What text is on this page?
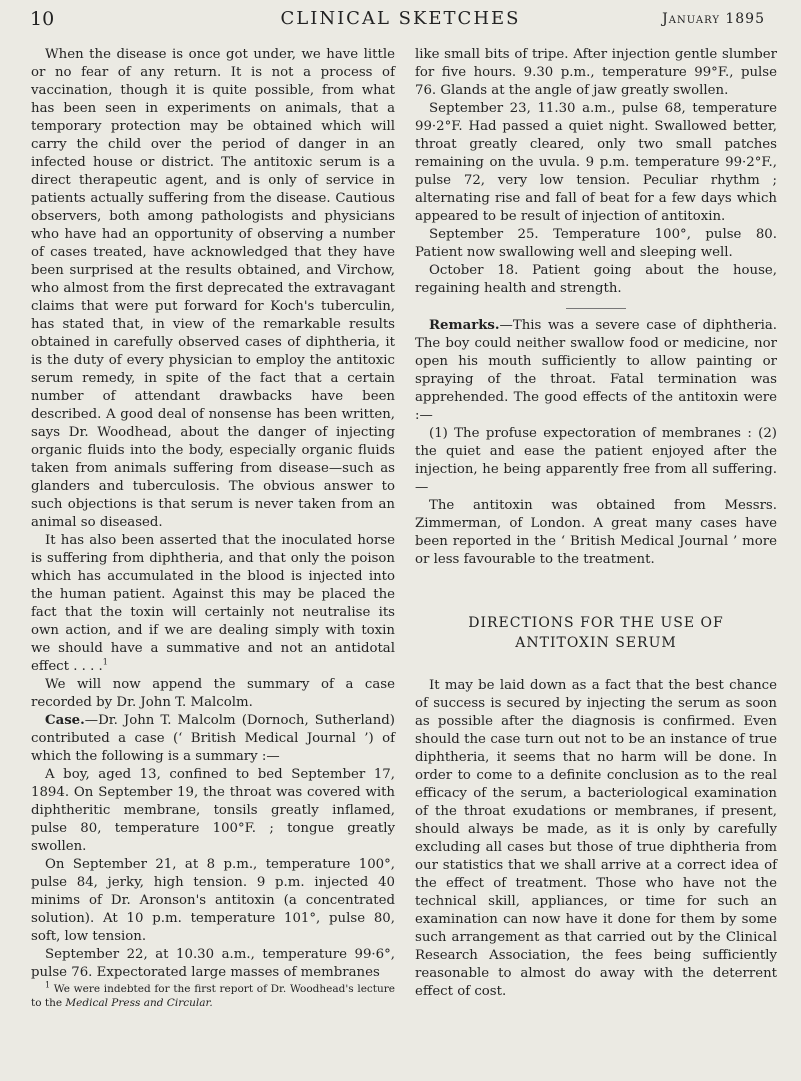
10	CLINICAL SKETCHES	January 1895

When the disease is once got under, we have little or no fear of any return. It is not a process of vaccination, though it is quite possible, from what has been seen in experiments on animals, that a temporary protection may be obtained which will carry the child over the period of danger in an infected house or district. The antitoxic serum is a direct therapeutic agent, and is only of service in patients actually suffering from the disease. Cautious observers, both among pathologists and physicians who have had an opportunity of observing a number of cases treated, have acknowledged that they have been surprised at the results obtained, and Virchow, who almost from the first deprecated the extravagant claims that were put forward for Koch's tuberculin, has stated that, in view of the remarkable results obtained in carefully observed cases of diphtheria, it is the duty of every physician to employ the antitoxic serum remedy, in spite of the fact that a certain number of attendant drawbacks have been described. A good deal of nonsense has been written, says Dr. Woodhead, about the danger of injecting organic fluids into the body, especially organic fluids taken from animals suffering from disease—such as glanders and tuberculosis. The obvious answer to such objections is that serum is never taken from an animal so diseased.

It has also been asserted that the inoculated horse is suffering from diphtheria, and that only the poison which has accumulated in the blood is injected into the human patient. Against this may be placed the fact that the toxin will certainly not neutralise its own action, and if we are dealing simply with toxin we should have a summative and not an antidotal effect . . . .$^1$

We will now append the summary of a case recorded by Dr. John T. Malcolm.

Case.—Dr. John T. Malcolm (Dornoch, Sutherland) contributed a case (‘ British Medical Journal ’) of which the following is a summary :—

A boy, aged 13, confined to bed September 17, 1894. On September 19, the throat was covered with diphtheritic membrane, tonsils greatly inflamed, pulse 80, temperature 100°F. ; tongue greatly swollen.

On September 21, at 8 p.m., temperature 100°, pulse 84, jerky, high tension. 9 p.m. injected 40 minims of Dr. Aronson's antitoxin (a concentrated solution). At 10 p.m. temperature 101°, pulse 80, soft, low tension.

September 22, at 10.30 a.m., temperature 99·6°, pulse 76. Expectorated large masses of membranes

$^1$ We were indebted for the first report of Dr. Woodhead's lecture to the Medical Press and Circular.

like small bits of tripe. After injection gentle slumber for five hours. 9.30 p.m., temperature 99°F., pulse 76. Glands at the angle of jaw greatly swollen.

September 23, 11.30 a.m., pulse 68, temperature 99·2°F. Had passed a quiet night. Swallowed better, throat greatly cleared, only two small patches remaining on the uvula. 9 p.m. temperature 99·2°F., pulse 72, very low tension. Peculiar rhythm ; alternating rise and fall of beat for a few days which appeared to be result of injection of antitoxin.

September 25. Temperature 100°, pulse 80. Patient now swallowing well and sleeping well.

October 18. Patient going about the house, regaining health and strength.

Remarks.—This was a severe case of diphtheria. The boy could neither swallow food or medicine, nor open his mouth sufficiently to allow painting or spraying of the throat. Fatal termination was apprehended. The good effects of the antitoxin were :—

(1) The profuse expectoration of membranes : (2) the quiet and ease the patient enjoyed after the injection, he being apparently free from all suffering.—

The antitoxin was obtained from Messrs. Zimmerman, of London. A great many cases have been reported in the ‘ British Medical Journal ’ more or less favourable to the treatment.

DIRECTIONS FOR THE USE OF
ANTITOXIN SERUM

It may be laid down as a fact that the best chance of success is secured by injecting the serum as soon as possible after the diagnosis is confirmed. Even should the case turn out not to be an instance of true diphtheria, it seems that no harm will be done. In order to come to a definite conclusion as to the real efficacy of the serum, a bacteriological examination of the throat exudations or membranes, if present, should always be made, as it is only by carefully excluding all cases but those of true diphtheria from our statistics that we shall arrive at a correct idea of the effect of treatment. Those who have not the technical skill, appliances, or time for such an examination can now have it done for them by some such arrangement as that carried out by the Clinical Research Association, the fees being sufficiently reasonable to almost do away with the deterrent effect of cost.
